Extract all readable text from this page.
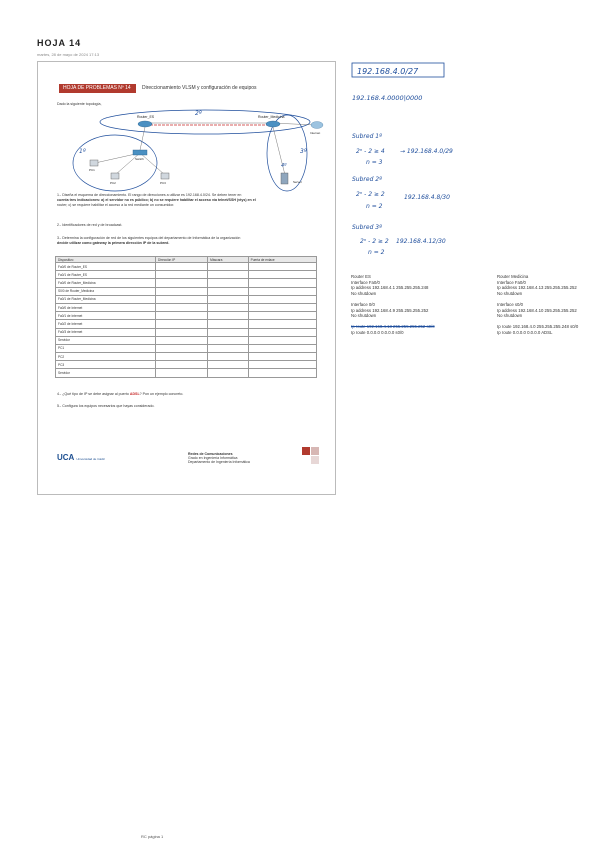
HOJA 14
martes, 28 de mayo de 2024 17:13
HOJA DE PROBLEMAS Nº 14	Direccionamiento VLSM y configuración de equipos
Dado la siguiente topología,
Router_ES	Router_Medicina
Internet
Switch
PC1
PC2	PC3	Server
1º
2º
3º
4º
1.- Diseña el esquema de direccionamiento. El rango de direcciones a utilizar es 192.168.4.0/24. Se deben tener en
cuenta tres indicaciones: a) el servidor no es público; b) no se requiere habilitar el acceso vía telnet/SSH (vtys) en el
router; c) se requiere habilitar el acceso a la red mediante un consumidor.
2.- Identificadores de red y de broadcast.
3.- Determina la configuración de red de los siguientes equipos del departamento de Informática de la organización
decide utilizar como gateway la primera dirección IP de la subred.
Dispositivo	Dirección IP	Máscara	Puerta de enlace
Fa0/0 de Router_ES			
Fa0/1 de Router_ES			
Fa0/0 de Router_Medicina			
S0/0 de Router_Medicina			
Fa0/1 de Router_Medicina			
Fa0/0 de Internet			
Fa0/1 de Internet			
Fa0/2 de Internet			
Fa0/3 de Internet			
Servidor			
PC1			
PC2			
PC3			
Servidor			
4.- ¿Qué tipo de IP se debe asignar al puerto ADSL? Pon un ejemplo concreto.
5.- Configura los equipos necesarios que hayas considerado.
UCA Universidad de Cádiz
Redes de Comunicaciones
Grado en Ingeniería Informática
Departamento de Ingeniería Informática
192.168.4.0/27
192.168.4.0000|0000
Subred 1º
2ⁿ - 2 ≥ 4	→ 192.168.4.0/29
n = 3
Subred 2º
2ⁿ - 2 ≥ 2	192.168.4.8/30
n = 2
Subred 3º
2ⁿ - 2 ≥ 2 192.168.4.12/30
n = 2
Router ES
Interface Fa0/0
Ip address 192.168.4.1 255.255.255.248
No shutdown
Interface 0/0
Ip address 192.168.4.9 255.255.255.252
No shutdown
Ip route 192.168.4.13 255.255.255.252 s0/0
Ip route 0.0.0.0 0.0.0.0 s0/0
Router Medicina
Interface Fa0/0
Ip address 192.168.4.13 255.255.255.252
No shutdown
Interface s0/0
Ip address 192.168.4.10 255.255.255.252
No shutdown
Ip route 192.168.4.0 255.255.255.248 s0/0
Ip route 0.0.0.0 0.0.0.0 ADSL
RC página 1
